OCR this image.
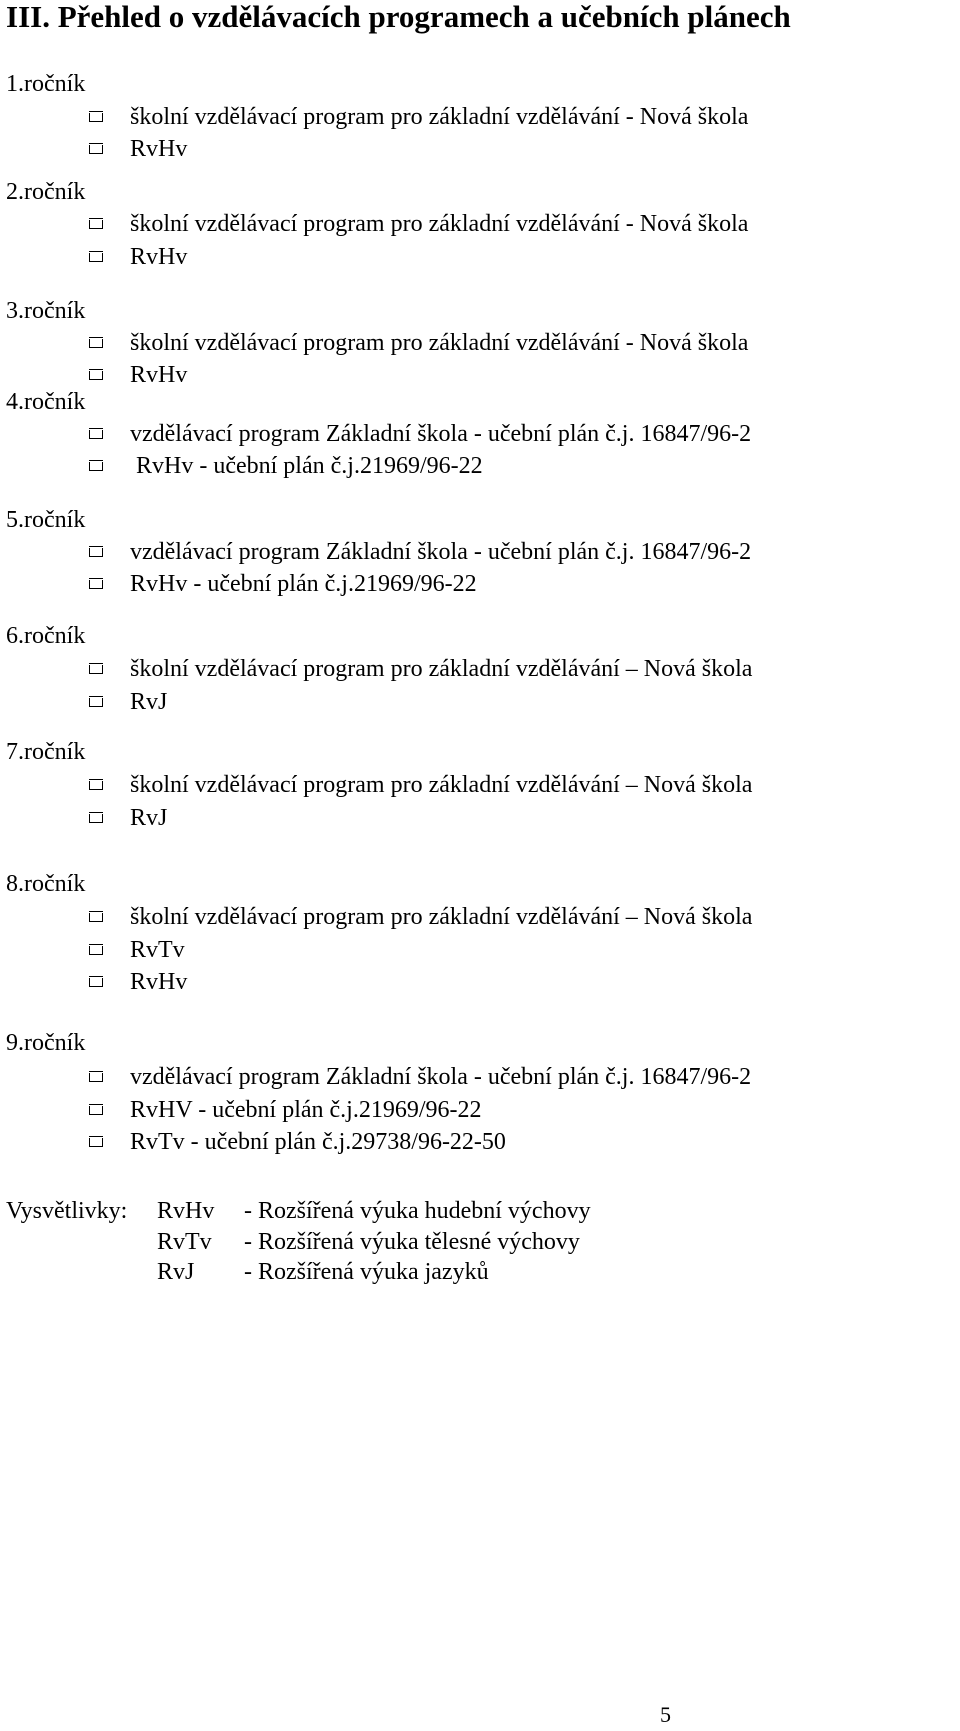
III. Přehled o vzdělávacích programech a učebních plánech
1.ročník
školní vzdělávací program pro základní vzdělávání - Nová škola
RvHv
2.ročník
školní vzdělávací program pro základní vzdělávání - Nová škola
RvHv
3.ročník
školní vzdělávací program pro základní vzdělávání - Nová škola
RvHv
4.ročník
vzdělávací program Základní škola - učební plán č.j. 16847/96-2
RvHv - učební plán č.j.21969/96-22
5.ročník
vzdělávací program Základní škola - učební plán č.j. 16847/96-2
RvHv - učební plán č.j.21969/96-22
6.ročník
školní vzdělávací program pro základní vzdělávání – Nová škola
RvJ
7.ročník
školní vzdělávací program pro základní vzdělávání – Nová škola
RvJ
8.ročník
školní vzdělávací program pro základní vzdělávání – Nová škola
RvTv
RvHv
9.ročník
vzdělávací program Základní škola - učební plán č.j. 16847/96-2
RvHV - učební plán č.j.21969/96-22
RvTv - učební plán č.j.29738/96-22-50
Vysvětlivky: RvHv - Rozšířená výuka hudební výchovy
RvTv - Rozšířená výuka tělesné výchovy
RvJ - Rozšířená výuka jazyků
5
